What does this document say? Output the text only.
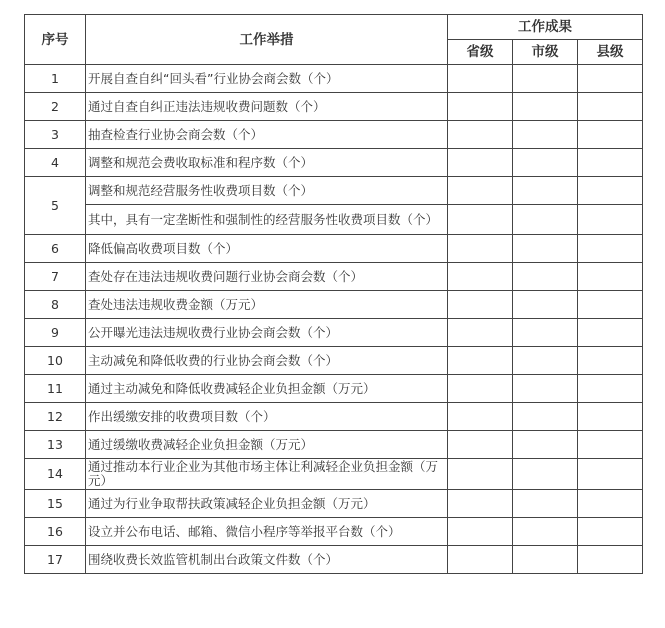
序号	工作举措	工作成果		
		省级	市级	县级
1	开展自查自纠“回头看”行业协会商会数（个）			
2	通过自查自纠正违法违规收费问题数（个）			
3	抽查检查行业协会商会数（个）			
4	调整和规范会费收取标准和程序数（个）			
5	调整和规范经营服务性收费项目数（个）			
	其中，具有一定垄断性和强制性的经营服务性收费项目数（个）			
6	降低偏高收费项目数（个）			
7	查处存在违法违规收费问题行业协会商会数（个）			
8	查处违法违规收费金额（万元）			
9	公开曝光违法违规收费行业协会商会数（个）			
10	主动减免和降低收费的行业协会商会数（个）			
11	通过主动减免和降低收费减轻企业负担金额（万元）			
12	作出缓缴安排的收费项目数（个）			
13	通过缓缴收费减轻企业负担金额（万元）			
14	通过推动本行业企业为其他市场主体让利减轻企业负担金额（万元）			
15	通过为行业争取帮扶政策减轻企业负担金额（万元）			
16	设立并公布电话、邮箱、微信小程序等举报平台数（个）			
17	围绕收费长效监管机制出台政策文件数（个）			
